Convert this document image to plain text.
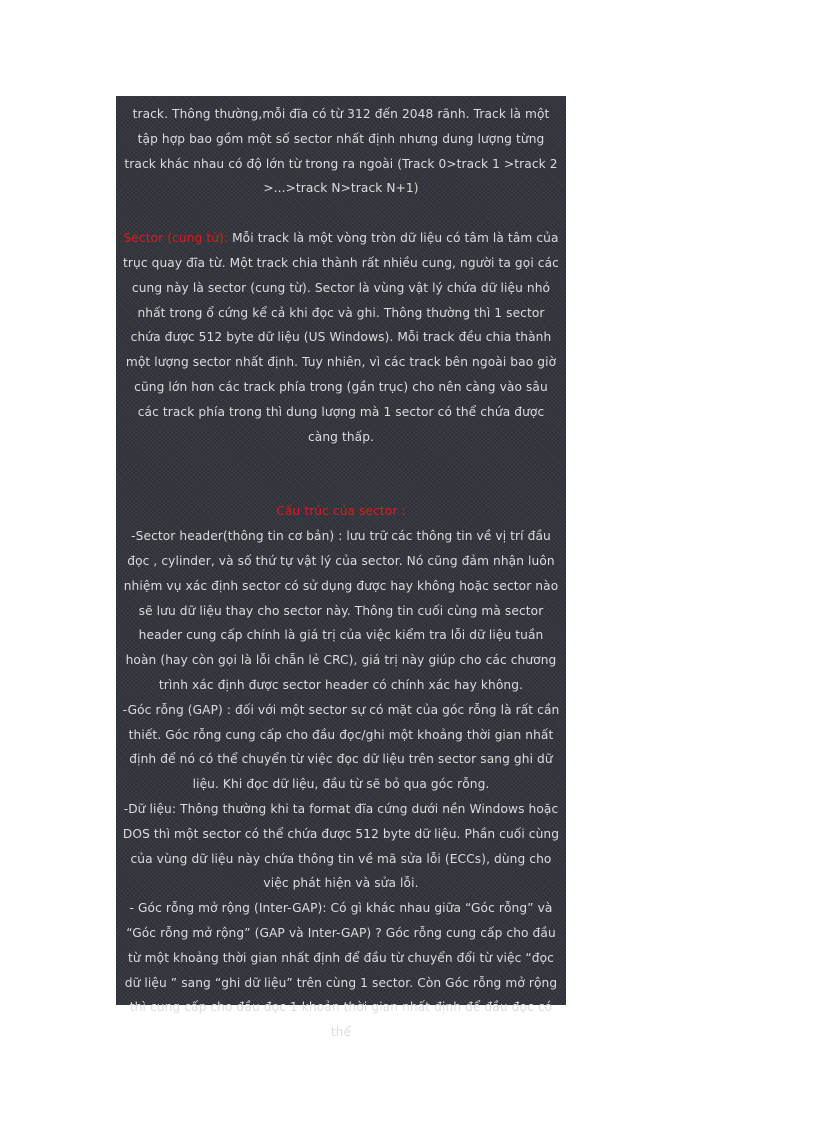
track. Thông thường,mỗi đĩa có từ 312 đến 2048 rãnh. Track là một tập hợp bao gồm một số sector nhất định nhưng dung lượng từng track khác nhau có độ lớn từ trong ra ngoài (Track 0>track 1 >track 2 >...>track N>track N+1)

Sector (cung từ): Mỗi track là một vòng tròn dữ liệu có tâm là tâm của trục quay đĩa từ. Một track chia thành rất nhiều cung, người ta gọi các cung này là sector (cung từ). Sector là vùng vật lý chứa dữ liệu nhỏ nhất trong ổ cứng kể cả khi đọc và ghi. Thông thường thì 1 sector chứa được 512 byte dữ liệu (US Windows). Mỗi track đều chia thành một lượng sector nhất định. Tuy nhiên, vì các track bên ngoài bao giờ cũng lớn hơn các track phía trong (gần trục) cho nên càng vào sâu các track phía trong thì dung lượng mà 1 sector có thể chứa được càng thấp.

Cấu trúc của sector :

-Sector header(thông tin cơ bản) : lưu trữ các thông tin về vị trí đầu đọc , cylinder, và số thứ tự vật lý của sector. Nó cũng đảm nhận luôn nhiệm vụ xác định sector có sử dụng được hay không hoặc sector nào sẽ lưu dữ liệu thay cho sector này. Thông tin cuối cùng mà sector header cung cấp chính là giá trị của việc kiểm tra lỗi dữ liệu tuần hoàn (hay còn gọi là lỗi chẵn lẻ CRC), giá trị này giúp cho các chương trình xác định được sector header có chính xác hay không.

-Góc rỗng (GAP) : đối với một sector sự có mặt của góc rỗng là rất cần thiết. Góc rỗng cung cấp cho đầu đọc/ghi một khoảng thời gian nhất định để nó có thể chuyển từ việc đọc dữ liệu trên sector sang ghi dữ liệu. Khi đọc dữ liệu, đầu từ sẽ bỏ qua góc rỗng.

-Dữ liệu: Thông thường khi ta format đĩa cứng dưới nền Windows hoặc DOS thì một sector có thể chứa được 512 byte dữ liệu. Phần cuối cùng của vùng dữ liệu này chứa thông tin về mã sửa lỗi (ECCs), dùng cho việc phát hiện và sửa lỗi.

- Góc rỗng mở rộng (Inter-GAP): Có gì khác nhau giữa “Góc rỗng” và “Góc rỗng mở rộng” (GAP và Inter-GAP) ? Góc rỗng cung cấp cho đầu từ một khoảng thời gian nhất định để đầu từ chuyển đổi từ việc “đọc dữ liệu ” sang “ghi dữ liệu” trên cùng 1 sector. Còn Góc rỗng mở rộng thì cung cấp cho đầu đọc 1 khoản thời gian nhất định để đầu đọc có thể
